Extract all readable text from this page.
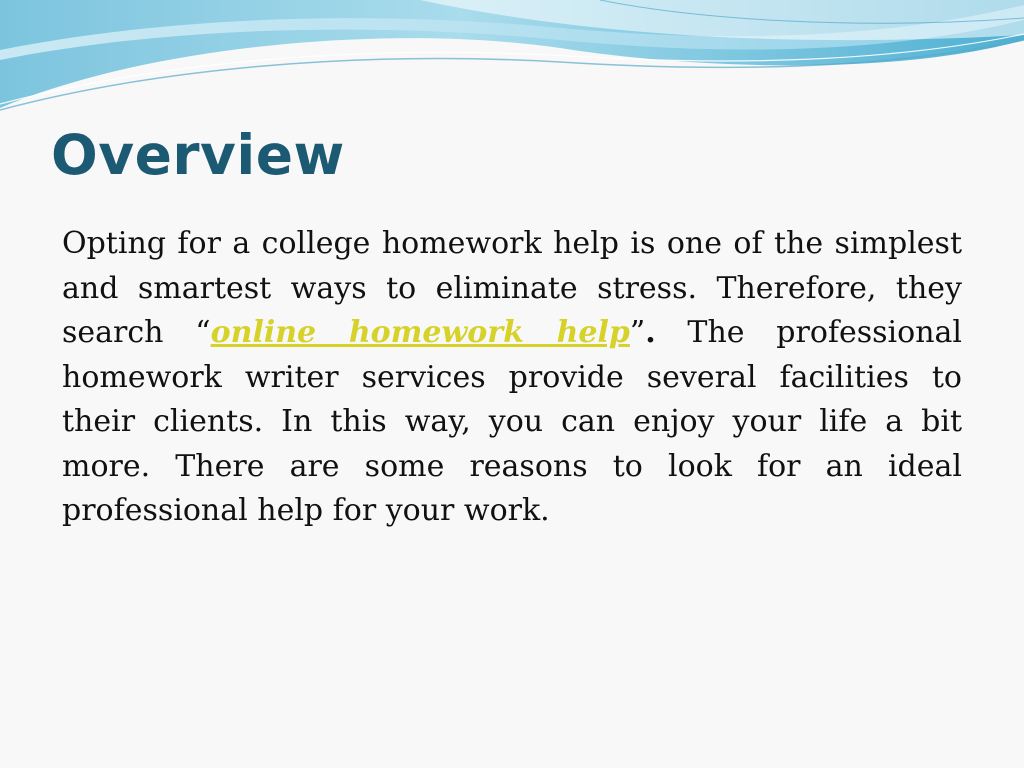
Overview

Opting for a college homework help is one of the simplest and smartest ways to eliminate stress. Therefore, they search “online homework help”. The professional homework writer services provide several facilities to their clients. In this way, you can enjoy your life a bit more. There are some reasons to look for an ideal professional help for your work.
